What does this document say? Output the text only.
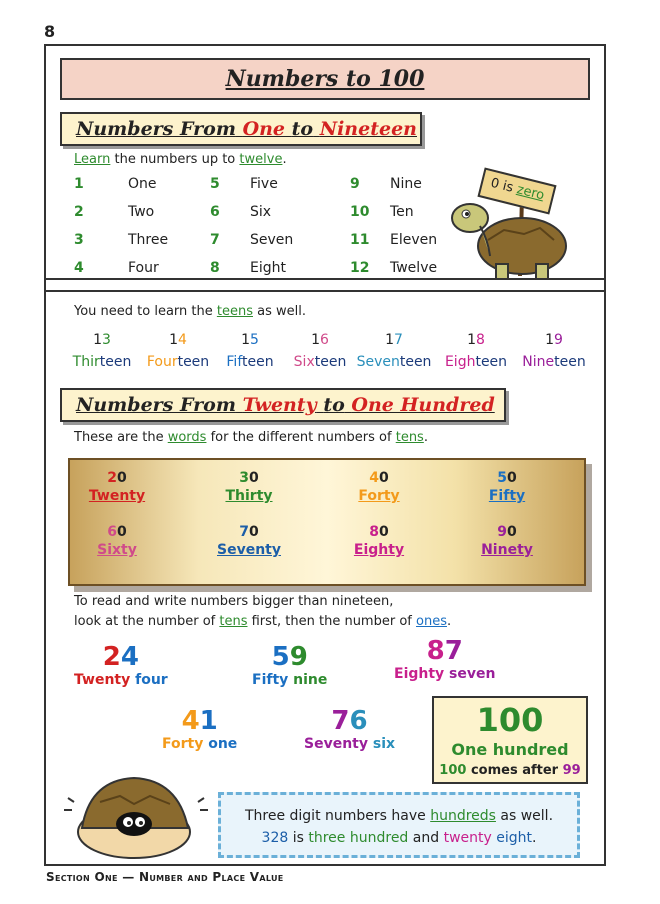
8
Numbers to 100
Numbers From
One
to
Nineteen
Learn the numbers up to twelve.
1	One
2	Two
3	Three
4	Four
5 Five
6 Six
7 Seven
8 Eight
9 Nine
10 Ten
11 Eleven
12 Twelve
0 is zero
You need to learn the teens as well.
13
Thirteen
14
Fourteen
15
Fifteen
16
Sixteen
17
Seventeen
18
Eighteen
19
Nineteen
Numbers From
Twenty
to
One Hundred
These are the words for the different numbers of tens.
20
Twenty
30
Thirty
40
Forty
50
Fifty
60
Sixty
70
Seventy
80
Eighty
90
Ninety
To read and write numbers bigger than nineteen,
look at the number of tens first, then the number of ones.
24
Twenty four
59
Fifty nine
87
Eighty seven
41
Forty one
76
Seventy six
100
One hundred
100 comes after 99
Three digit numbers have hundreds as well.
328 is three hundred and twenty eight.
Section One — Number and Place Value
